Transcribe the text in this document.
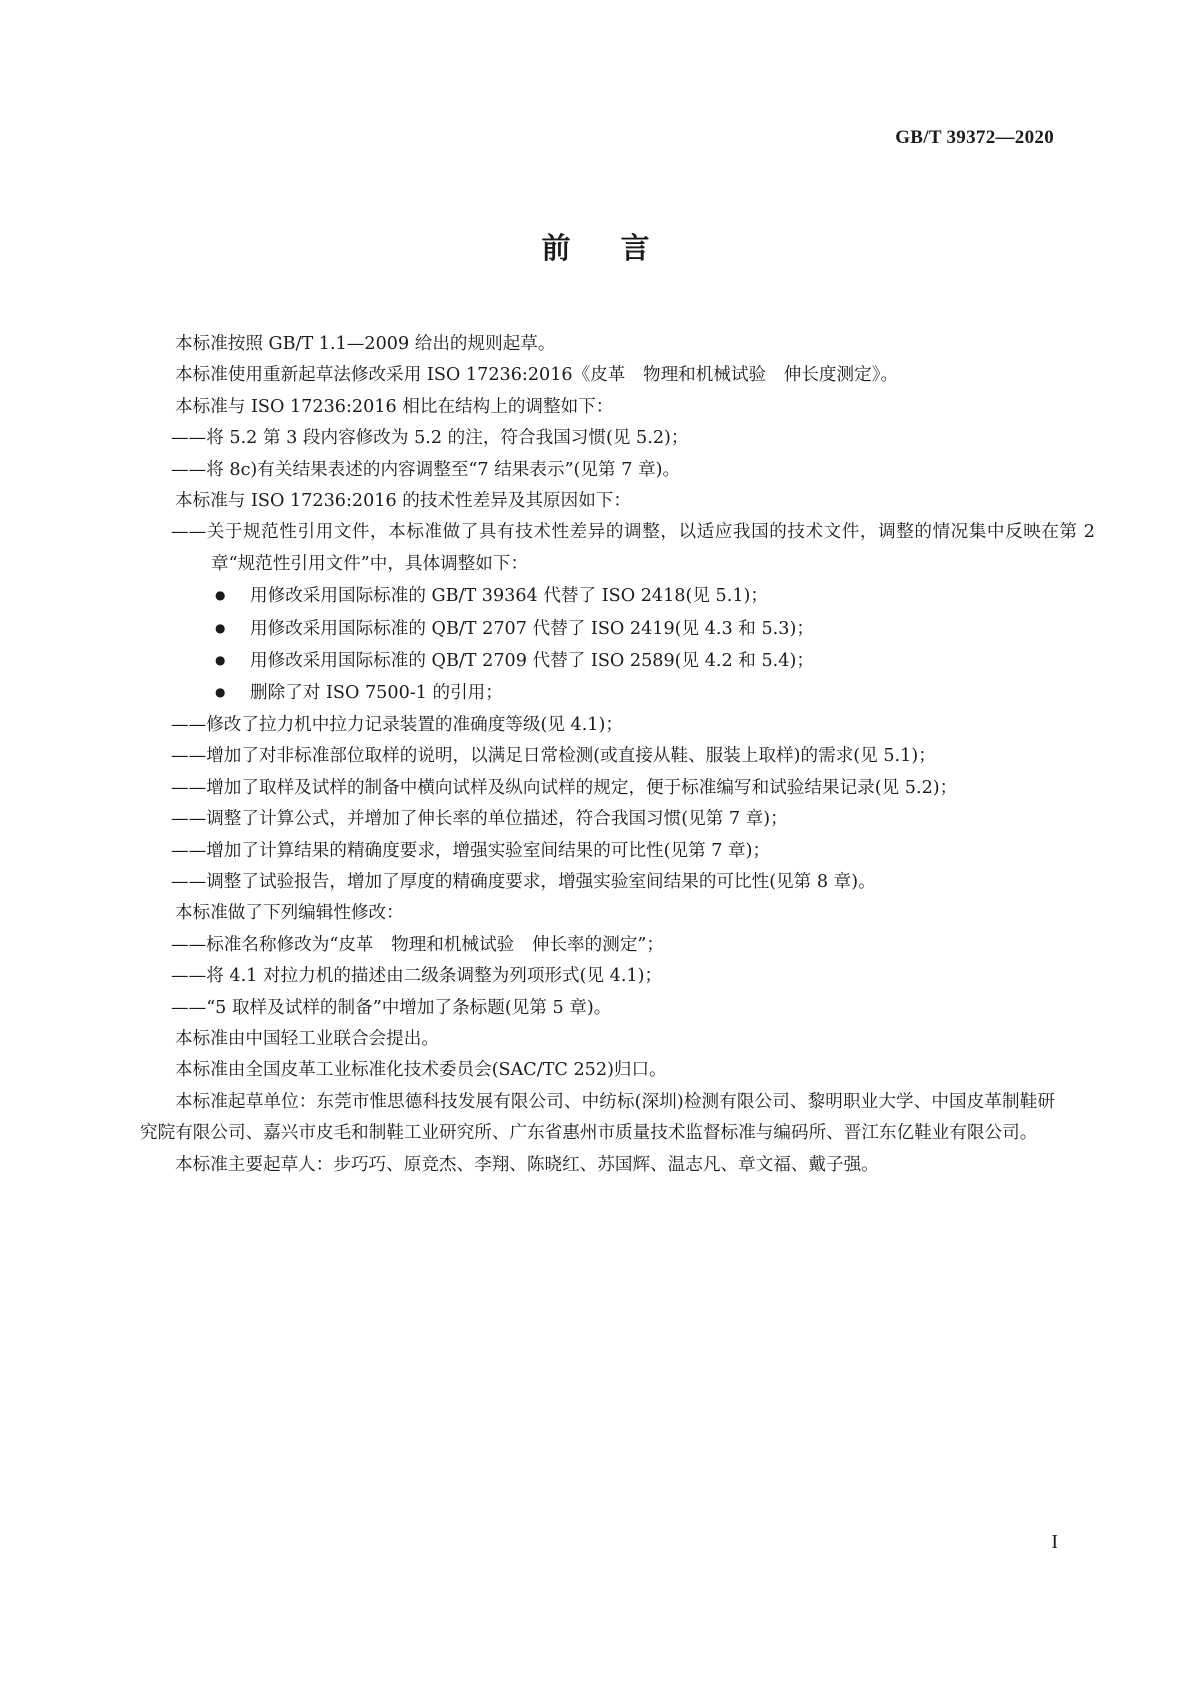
GB/T 39372—2020
前 言

本标准按照 GB/T 1.1—2009 给出的规则起草。

本标准使用重新起草法修改采用 ISO 17236:2016《皮革　物理和机械试验　伸长度测定》。

本标准与 ISO 17236:2016 相比在结构上的调整如下：

——将 5.2 第 3 段内容修改为 5.2 的注，符合我国习惯(见 5.2)；

——将 8c)有关结果表述的内容调整至“7 结果表示”(见第 7 章)。

本标准与 ISO 17236:2016 的技术性差异及其原因如下：

——关于规范性引用文件，本标准做了具有技术性差异的调整，以适应我国的技术文件，调整的情况集中反映在第 2 章“规范性引用文件”中，具体调整如下：

● 用修改采用国际标准的 GB/T 39364 代替了 ISO 2418(见 5.1)；

● 用修改采用国际标准的 QB/T 2707 代替了 ISO 2419(见 4.3 和 5.3)；

● 用修改采用国际标准的 QB/T 2709 代替了 ISO 2589(见 4.2 和 5.4)；

● 删除了对 ISO 7500-1 的引用；

——修改了拉力机中拉力记录装置的准确度等级(见 4.1)；

——增加了对非标准部位取样的说明，以满足日常检测(或直接从鞋、服装上取样)的需求(见 5.1)；

——增加了取样及试样的制备中横向试样及纵向试样的规定，便于标准编写和试验结果记录(见 5.2)；

——调整了计算公式，并增加了伸长率的单位描述，符合我国习惯(见第 7 章)；

——增加了计算结果的精确度要求，增强实验室间结果的可比性(见第 7 章)；

——调整了试验报告，增加了厚度的精确度要求，增强实验室间结果的可比性(见第 8 章)。

本标准做了下列编辑性修改：

——标准名称修改为“皮革　物理和机械试验　伸长率的测定”；

——将 4.1 对拉力机的描述由二级条调整为列项形式(见 4.1)；

——“5 取样及试样的制备”中增加了条标题(见第 5 章)。

本标准由中国轻工业联合会提出。

本标准由全国皮革工业标准化技术委员会(SAC/TC 252)归口。

本标准起草单位：东莞市惟思德科技发展有限公司、中纺标(深圳)检测有限公司、黎明职业大学、中国皮革制鞋研究院有限公司、嘉兴市皮毛和制鞋工业研究所、广东省惠州市质量技术监督标准与编码所、晋江东亿鞋业有限公司。

本标准主要起草人：步巧巧、原竞杰、李翔、陈晓红、苏国辉、温志凡、章文福、戴子强。

I
